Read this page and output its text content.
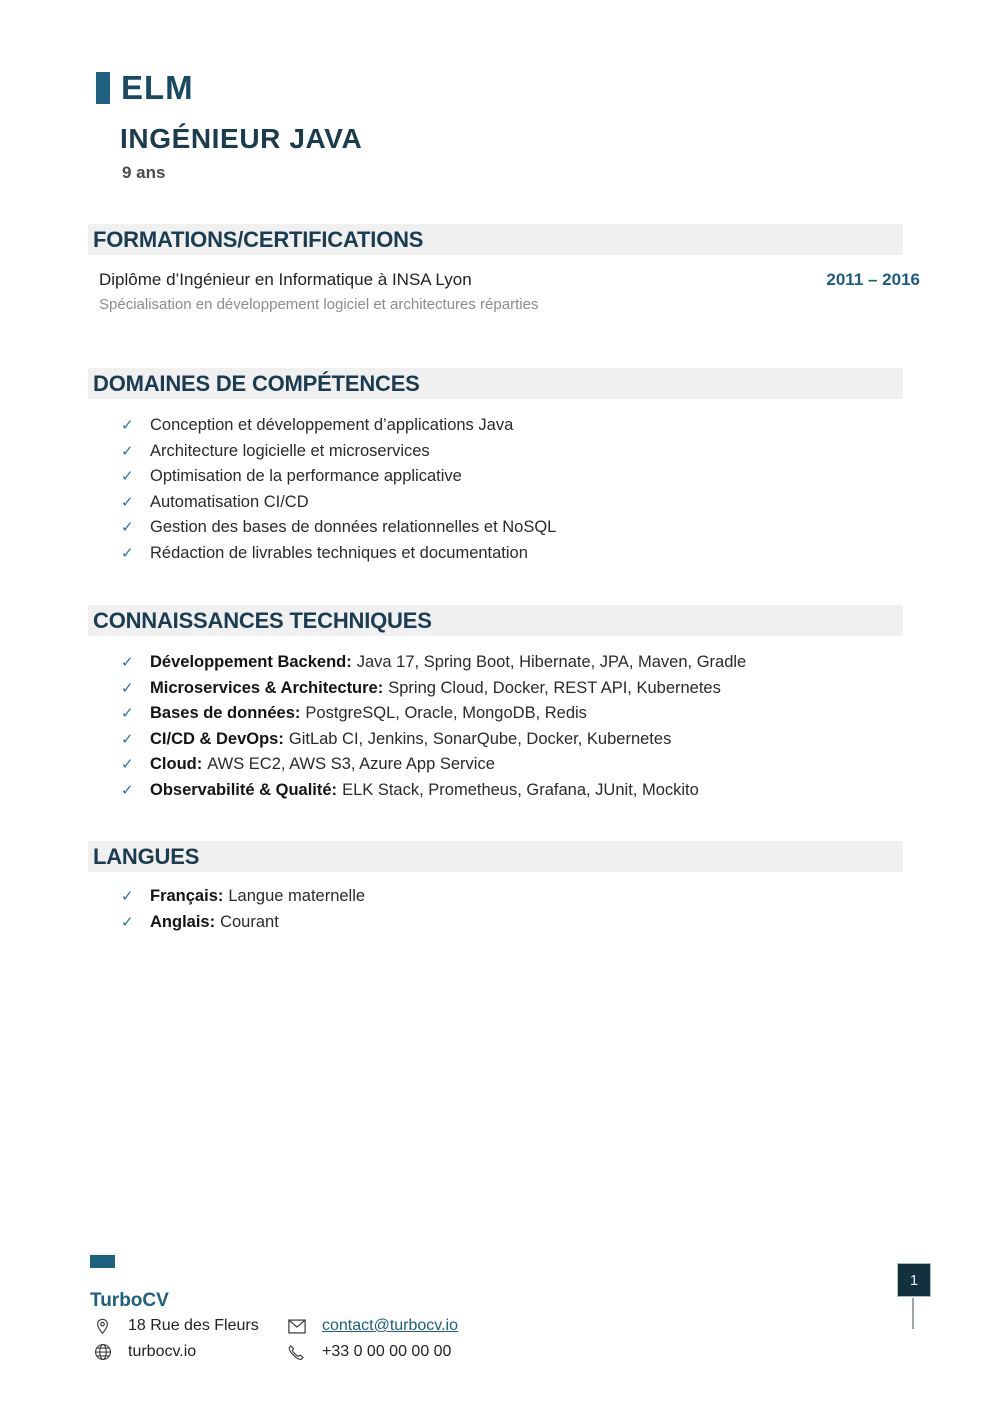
ELM
INGÉNIEUR JAVA
9 ans
FORMATIONS/CERTIFICATIONS
Diplôme d’Ingénieur en Informatique à INSA Lyon	2011 – 2016
Spécialisation en développement logiciel et architectures réparties
DOMAINES DE COMPÉTENCES
✓ Conception et développement d’applications Java
✓ Architecture logicielle et microservices
✓ Optimisation de la performance applicative
✓ Automatisation CI/CD
✓ Gestion des bases de données relationnelles et NoSQL
✓ Rédaction de livrables techniques et documentation
CONNAISSANCES TECHNIQUES
✓ Développement Backend: Java 17, Spring Boot, Hibernate, JPA, Maven, Gradle
✓ Microservices & Architecture: Spring Cloud, Docker, REST API, Kubernetes
✓ Bases de données: PostgreSQL, Oracle, MongoDB, Redis
✓ CI/CD & DevOps: GitLab CI, Jenkins, SonarQube, Docker, Kubernetes
✓ Cloud: AWS EC2, AWS S3, Azure App Service
✓ Observabilité & Qualité: ELK Stack, Prometheus, Grafana, JUnit, Mockito
LANGUES
✓ Français: Langue maternelle
✓ Anglais: Courant
TurboCV
18 Rue des Fleurs	contact@turbocv.io
turbocv.io	+33 0 00 00 00 00
1
